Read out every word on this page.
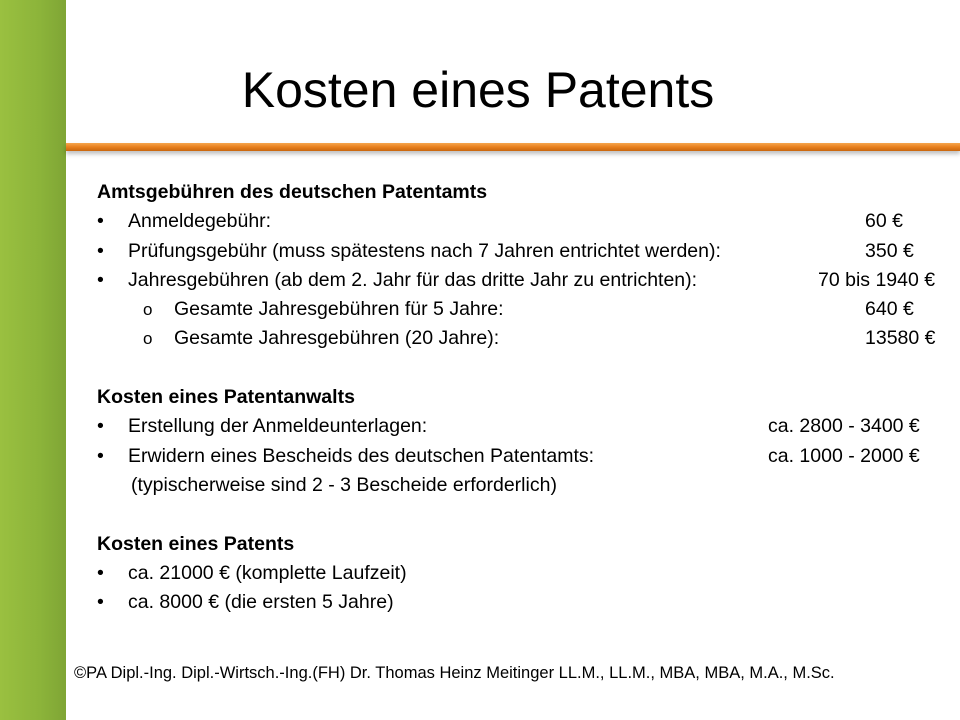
Kosten eines Patents
Amtsgebühren des deutschen Patentamts
• Anmeldegebühr:	60 €
• Prüfungsgebühr (muss spätestens nach 7 Jahren entrichtet werden):	350 €
• Jahresgebühren (ab dem 2. Jahr für das dritte Jahr zu entrichten):	70 bis 1940 €
o Gesamte Jahresgebühren für 5 Jahre:	640 €
o Gesamte Jahresgebühren (20 Jahre):	13580 €
Kosten eines Patentanwalts
• Erstellung der Anmeldeunterlagen:	ca. 2800 - 3400 €
• Erwidern eines Bescheids des deutschen Patentamts:	ca. 1000 - 2000 €
(typischerweise sind 2 - 3 Bescheide erforderlich)
Kosten eines Patents
• ca. 21000 € (komplette Laufzeit)
• ca. 8000 € (die ersten 5 Jahre)
©PA Dipl.-Ing. Dipl.-Wirtsch.-Ing.(FH) Dr. Thomas Heinz Meitinger LL.M., LL.M., MBA, MBA, M.A., M.Sc.
